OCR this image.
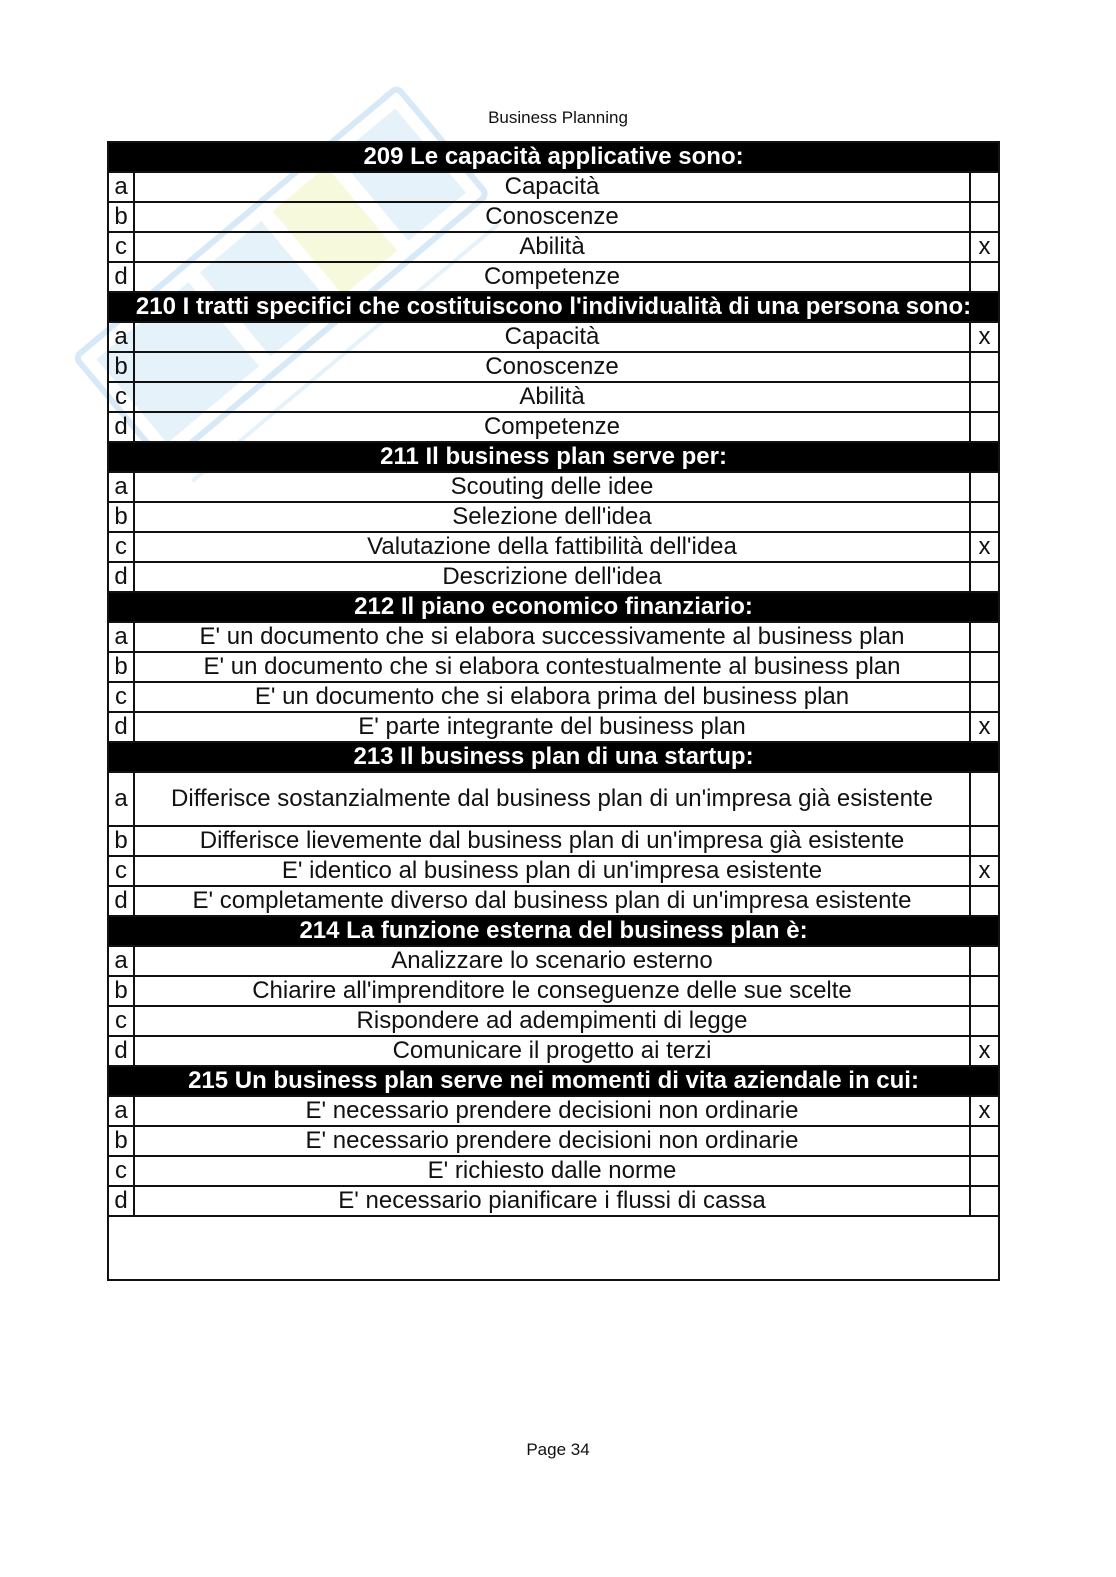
Business Planning
209 Le capacità applicative sono:		
a	Capacità	
b	Conoscenze	
c	Abilità	x
d	Competenze	
210 I tratti specifici che costituiscono l'individualità di una persona sono:		
a	Capacità	x
b	Conoscenze	
c	Abilità	
d	Competenze	
211 Il business plan serve per:		
a	Scouting delle idee	
b	Selezione dell'idea	
c	Valutazione della fattibilità dell'idea	x
d	Descrizione dell'idea	
212 Il piano economico finanziario:		
a	E' un documento che si elabora successivamente al business plan	
b	E' un documento che si elabora contestualmente al business plan	
c	E' un documento che si elabora prima del business plan	
d	E' parte integrante del business plan	x
213 Il business plan di una startup:		
a	Differisce sostanzialmente dal business plan di un'impresa già esistente	
b	Differisce lievemente dal business plan di un'impresa già esistente	
c	E' identico al business plan di un'impresa esistente	x
d	E' completamente diverso dal business plan di un'impresa esistente	
214 La funzione esterna del business plan è:		
a	Analizzare lo scenario esterno	
b	Chiarire all'imprenditore le conseguenze delle sue scelte	
c	Rispondere ad adempimenti di legge	
d	Comunicare il progetto ai terzi	x
215 Un business plan serve nei momenti di vita aziendale in cui:		
a	E' necessario prendere decisioni non ordinarie	x
b	E' necessario prendere decisioni non ordinarie	
c	E' richiesto dalle norme	
d	E' necessario pianificare i flussi di cassa	

Page 34
